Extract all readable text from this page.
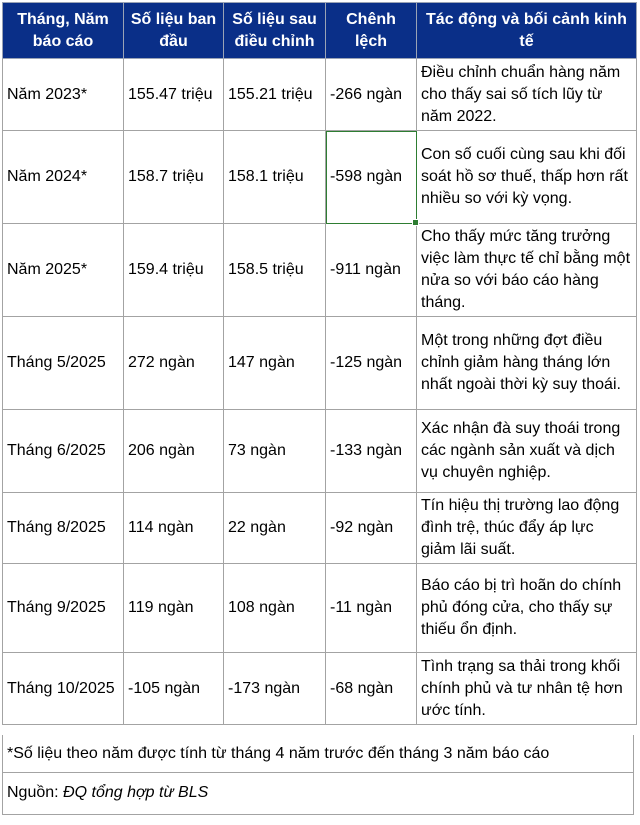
Tháng, Năm báo cáo	Số liệu ban đầu	Số liệu sau điều chỉnh	Chênh lệch	Tác động và bối cảnh kinh tế
Năm 2023*	155.47 triệu	155.21 triệu	-266 ngàn	Điều chỉnh chuẩn hàng năm cho thấy sai số tích lũy từ năm 2022.
Năm 2024*	158.7 triệu	158.1 triệu	-598 ngàn	Con số cuối cùng sau khi đối soát hồ sơ thuế, thấp hơn rất nhiều so với kỳ vọng.
Năm 2025*	159.4 triệu	158.5 triệu	-911 ngàn	Cho thấy mức tăng trưởng việc làm thực tế chỉ bằng một nửa so với báo cáo hàng tháng.
Tháng 5/2025	272 ngàn	147 ngàn	-125 ngàn	Một trong những đợt điều chỉnh giảm hàng tháng lớn nhất ngoài thời kỳ suy thoái.
Tháng 6/2025	206 ngàn	73 ngàn	-133 ngàn	Xác nhận đà suy thoái trong các ngành sản xuất và dịch vụ chuyên nghiệp.
Tháng 8/2025	114 ngàn	22 ngàn	-92 ngàn	Tín hiệu thị trường lao động đình trệ, thúc đẩy áp lực giảm lãi suất.
Tháng 9/2025	119 ngàn	108 ngàn	-11 ngàn	Báo cáo bị trì hoãn do chính phủ đóng cửa, cho thấy sự thiếu ổn định.
Tháng 10/2025	-105 ngàn	-173 ngàn	-68 ngàn	Tình trạng sa thải trong khối chính phủ và tư nhân tệ hơn ước tính.
*Số liệu theo năm được tính từ tháng 4 năm trước đến tháng 3 năm báo cáo
Nguồn: ĐQ tổng hợp từ BLS
